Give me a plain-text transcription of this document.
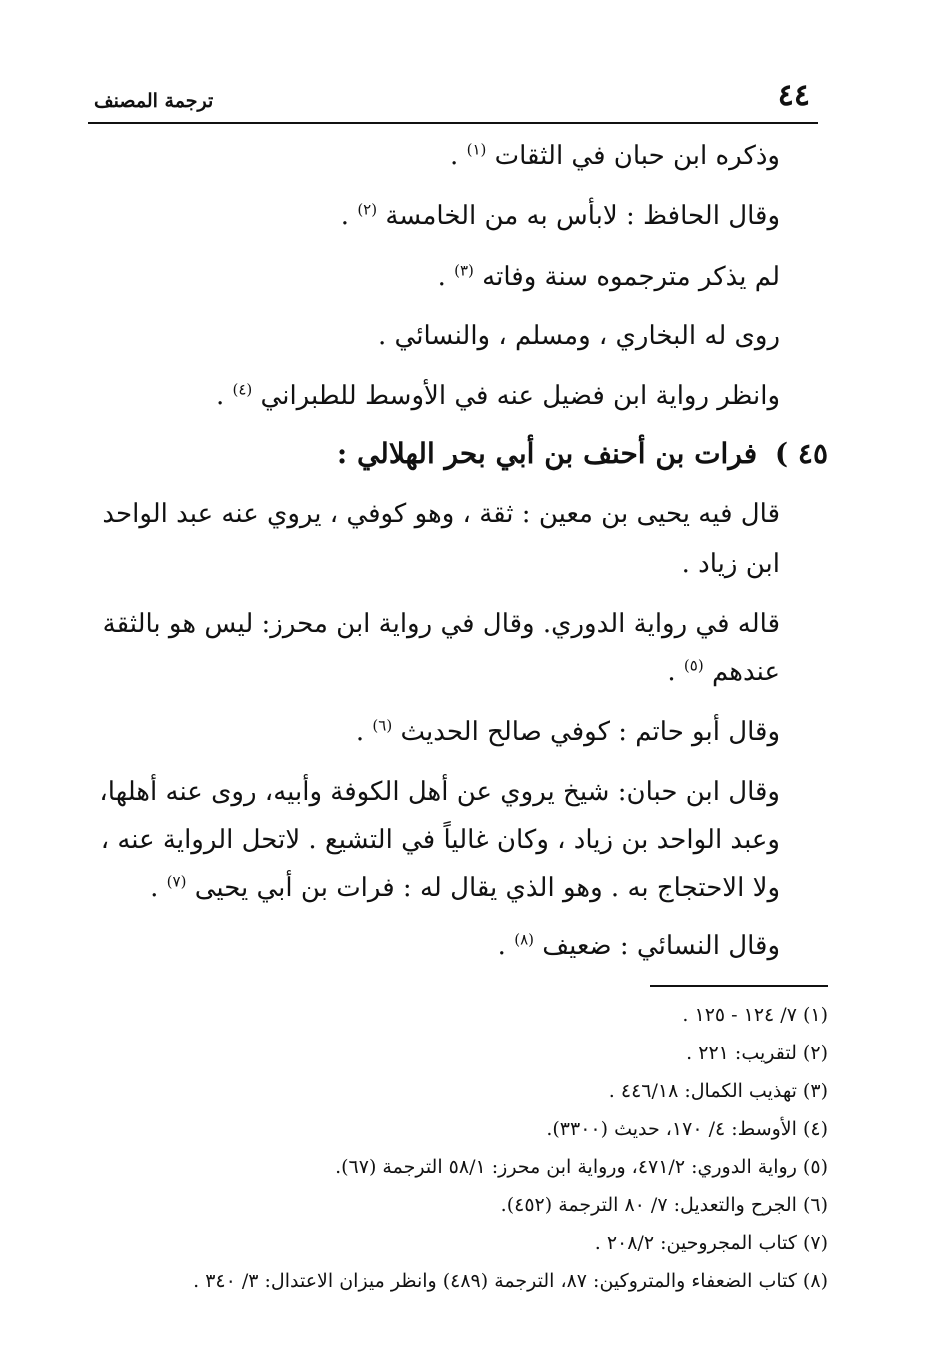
٤٤
ترجمة المصنف
وذكره ابن حبان في الثقات $^{(١)}$ .
وقال الحافظ : لابأس به من الخامسة $^{(٢)}$ .
لم يذكر مترجموه سنة وفاته $^{(٣)}$ .
روى له البخاري ، ومسلم ، والنسائي .
وانظر رواية ابن فضيل عنه في الأوسط للطبراني $^{(٤)}$ .
٤٥ ) فرات بن أحنف بن أبي بحر الهلالي :
قال فيه يحيى بن معين : ثقة ، وهو كوفي ، يروي عنه عبد الواحد
ابن زياد .
قاله في رواية الدوري. وقال في رواية ابن محرز: ليس هو بالثقة
عندهم $^{(٥)}$ .
وقال أبو حاتم : كوفي صالح الحديث $^{(٦)}$ .
وقال ابن حبان: شيخ يروي عن أهل الكوفة وأبيه، روى عنه أهلها،
وعبد الواحد بن زياد ، وكان غالياً في التشيع . لاتحل الرواية عنه ،
ولا الاحتجاج به . وهو الذي يقال له : فرات بن أبي يحيى $^{(٧)}$ .
وقال النسائي : ضعيف $^{(٨)}$ .
(١) ٧/ ١٢٤ - ١٢٥ .
(٢) لتقريب: ٢٢١ .
(٣) تهذيب الكمال: ٤٤٦/١٨ .
(٤) الأوسط: ٤/ ١٧٠، حديث (٣٣٠٠).
(٥) رواية الدوري: ٤٧١/٢، ورواية ابن محرز: ٥٨/١ الترجمة (٦٧).
(٦) الجرح والتعديل: ٧/ ٨٠ الترجمة (٤٥٢).
(٧) كتاب المجروحين: ٢٠٨/٢ .
(٨) كتاب الضعفاء والمتروكين: ٨٧، الترجمة (٤٨٩) وانظر ميزان الاعتدال: ٣/ ٣٤٠ .
